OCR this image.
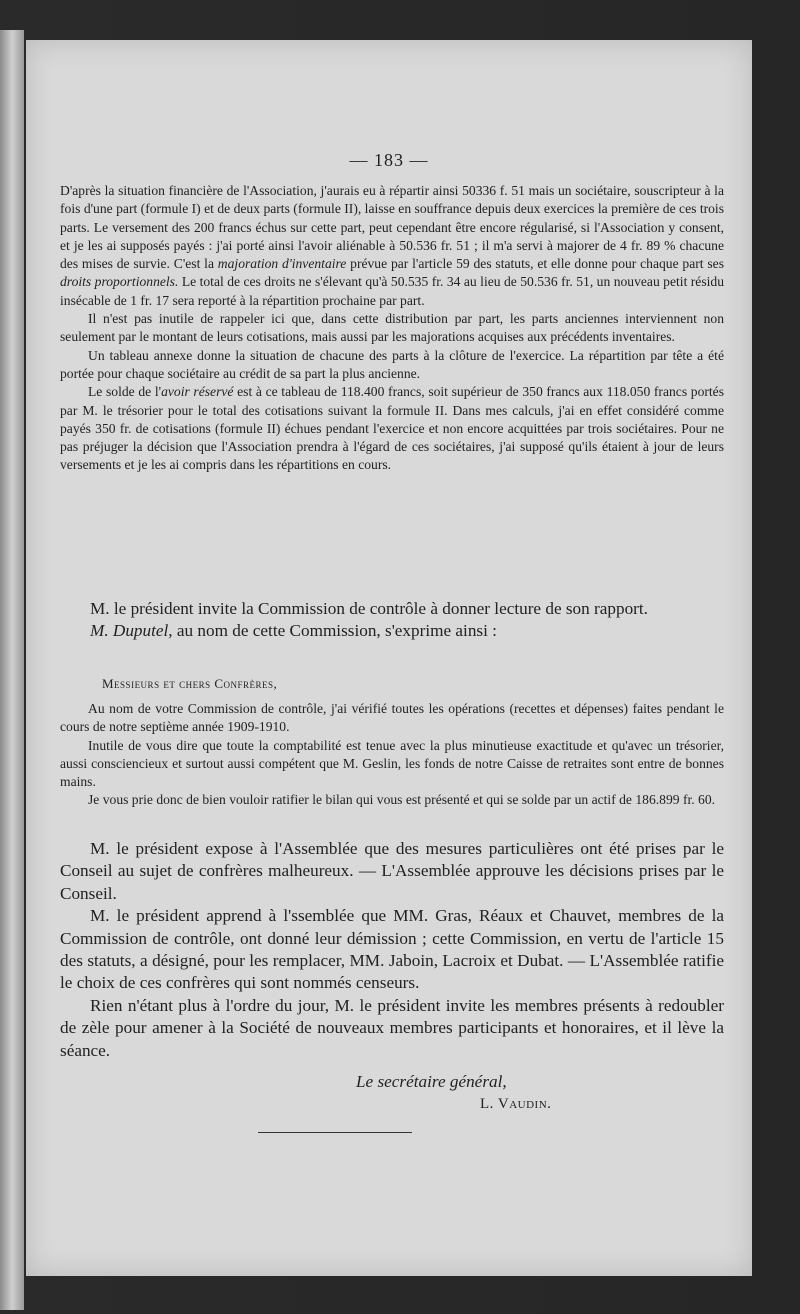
— 183 —

D'après la situation financière de l'Association, j'aurais eu à répartir ainsi 50336 f. 51 mais un sociétaire, souscripteur à la fois d'une part (formule I) et de deux parts (formule II), laisse en souffrance depuis deux exercices la première de ces trois parts. Le versement des 200 francs échus sur cette part, peut cependant être encore régularisé, si l'Association y consent, et je les ai supposés payés : j'ai porté ainsi l'avoir aliénable à 50.536 fr. 51 ; il m'a servi à majorer de 4 fr. 89 % chacune des mises de survie. C'est la majoration d'inventaire prévue par l'article 59 des statuts, et elle donne pour chaque part ses droits proportionnels. Le total de ces droits ne s'élevant qu'à 50.535 fr. 34 au lieu de 50.536 fr. 51, un nouveau petit résidu insécable de 1 fr. 17 sera reporté à la répartition prochaine par part.

Il n'est pas inutile de rappeler ici que, dans cette distribution par part, les parts anciennes interviennent non seulement par le montant de leurs cotisations, mais aussi par les majorations acquises aux précédents inventaires.

Un tableau annexe donne la situation de chacune des parts à la clôture de l'exercice. La répartition par tête a été portée pour chaque sociétaire au crédit de sa part la plus ancienne.

Le solde de l'avoir réservé est à ce tableau de 118.400 francs, soit supérieur de 350 francs aux 118.050 francs portés par M. le trésorier pour le total des cotisations suivant la formule II. Dans mes calculs, j'ai en effet considéré comme payés 350 fr. de cotisations (formule II) échues pendant l'exercice et non encore acquittées par trois sociétaires. Pour ne pas préjuger la décision que l'Association prendra à l'égard de ces sociétaires, j'ai supposé qu'ils étaient à jour de leurs versements et je les ai compris dans les répartitions en cours.

M. le président invite la Commission de contrôle à donner lecture de son rapport.

M. Duputel, au nom de cette Commission, s'exprime ainsi :

Messieurs et chers Confrères,

Au nom de votre Commission de contrôle, j'ai vérifié toutes les opérations (recettes et dépenses) faites pendant le cours de notre septième année 1909-1910.

Inutile de vous dire que toute la comptabilité est tenue avec la plus minutieuse exactitude et qu'avec un trésorier, aussi consciencieux et surtout aussi compétent que M. Geslin, les fonds de notre Caisse de retraites sont entre de bonnes mains.

Je vous prie donc de bien vouloir ratifier le bilan qui vous est présenté et qui se solde par un actif de 186.899 fr. 60.

M. le président expose à l'Assemblée que des mesures particulières ont été prises par le Conseil au sujet de confrères malheureux. — L'Assemblée approuve les décisions prises par le Conseil.

M. le président apprend à l'ssemblée que MM. Gras, Réaux et Chauvet, membres de la Commission de contrôle, ont donné leur démission ; cette Commission, en vertu de l'article 15 des statuts, a désigné, pour les remplacer, MM. Jaboin, Lacroix et Dubat. — L'Assemblée ratifie le choix de ces confrères qui sont nommés censeurs.

Rien n'étant plus à l'ordre du jour, M. le président invite les membres présents à redoubler de zèle pour amener à la Société de nouveaux membres participants et honoraires, et il lève la séance.

Le secrétaire général,
L. Vaudin.
